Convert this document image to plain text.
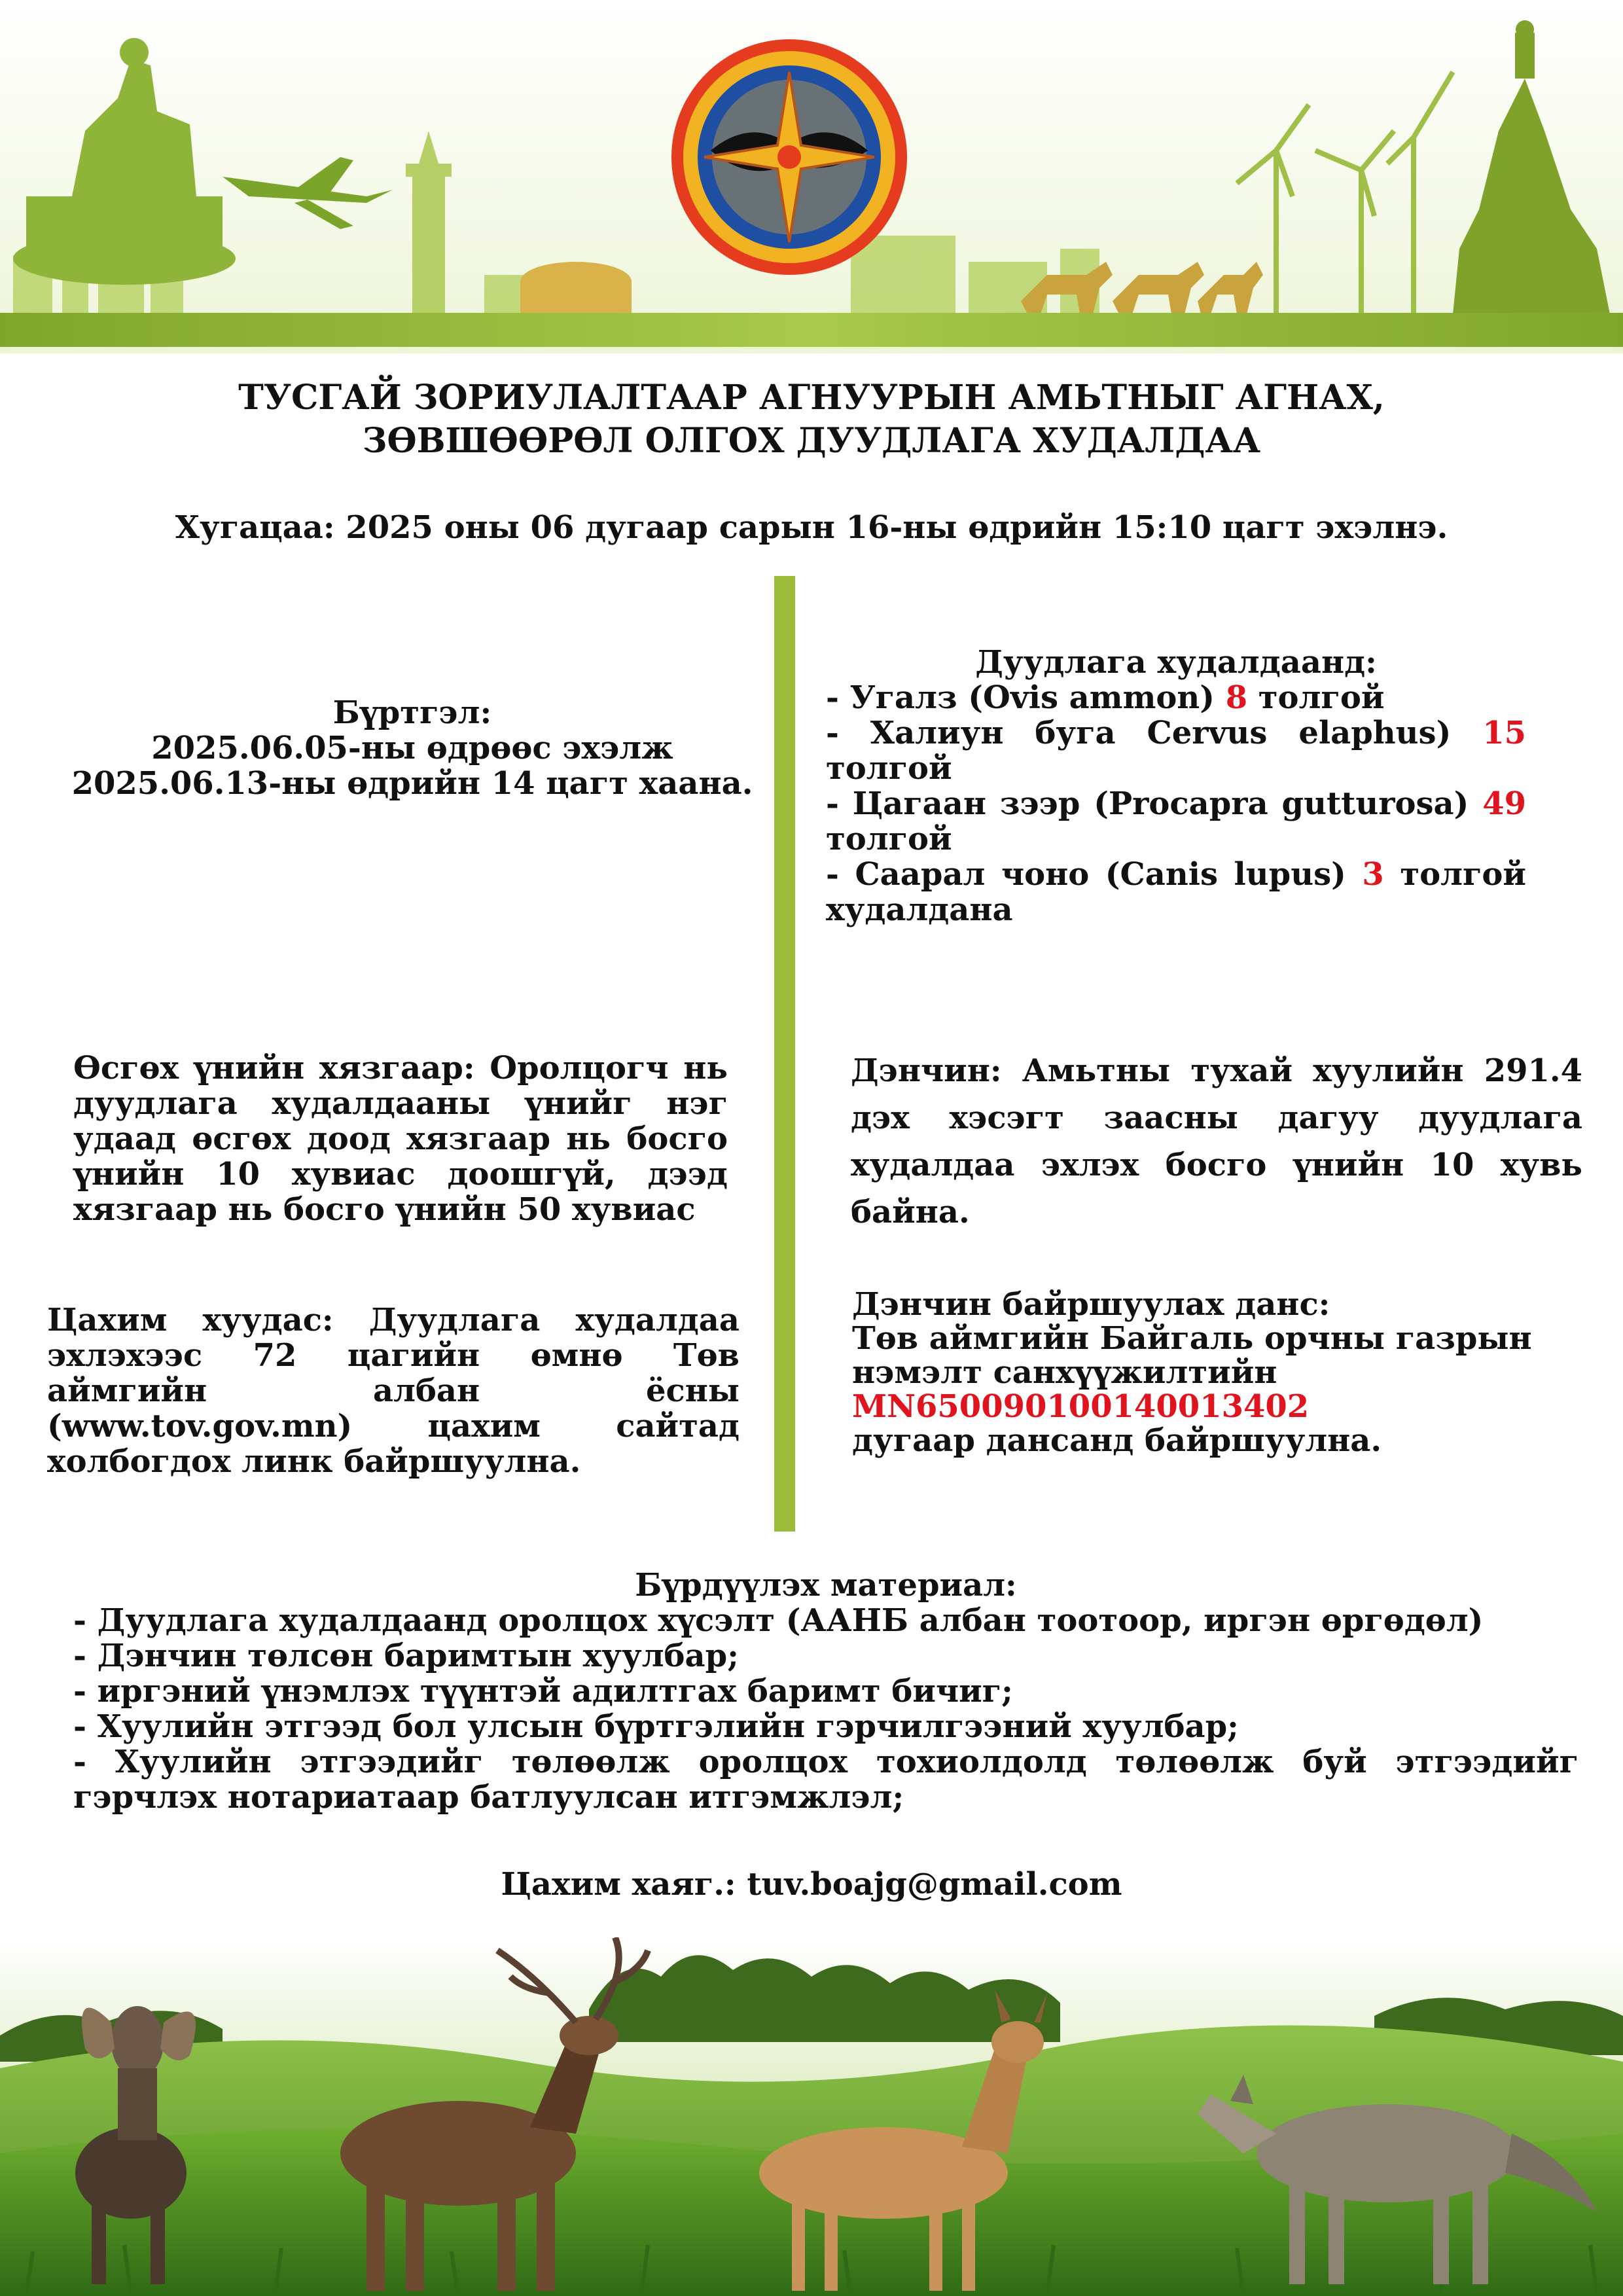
ТУСГАЙ ЗОРИУЛАЛТААР АГНУУРЫН АМЬТНЫГ АГНАХ,
ЗӨВШӨӨРӨЛ ОЛГОХ ДУУДЛАГА ХУДАЛДАА
Хугацаа: 2025 оны 06 дугаар сарын 16-ны өдрийн 15:10 цагт эхэлнэ.
Бүртгэл:
2025.06.05-ны өдрөөс эхэлж
2025.06.13-ны өдрийн 14 цагт хаана.
Дуудлага худалдаанд:
- Угалз (Ovis ammon) 8 толгой
- Халиун буга Cervus elaphus) 15 толгой
- Цагаан зээр (Procapra gutturosa) 49 толгой
- Саарал чоно (Canis lupus) 3 толгой худалдана
Өсгөх үнийн хязгаар: Оролцогч нь дуудлага худалдааны үнийг нэг удаад өсгөх доод хязгаар нь босго үнийн 10 хувиас доошгүй, дээд хязгаар нь босго үнийн 50 хувиас
Дэнчин: Амьтны тухай хуулийн 291.4 дэх хэсэгт заасны дагуу дуудлага худалдаа эхлэх босго үнийн 10 хувь байна.
Цахим хуудас: Дуудлага худалдаа эхлэхээс 72 цагийн өмнө Төв аймгийн албан ёсны (www.tov.gov.mn) цахим сайтад холбогдох линк байршуулна.
Дэнчин байршуулах данс:
Төв аймгийн Байгаль орчны газрын
нэмэлт санхүүжилтийн
MN650090100140013402
дугаар дансанд байршуулна.
Бүрдүүлэх материал:
- Дуудлага худалдаанд оролцох хүсэлт (ААНБ албан тоотоор, иргэн өргөдөл)
- Дэнчин төлсөн баримтын хуулбар;
- иргэний үнэмлэх түүнтэй адилтгах баримт бичиг;
- Хуулийн этгээд бол улсын бүртгэлийн гэрчилгээний хуулбар;
- Хуулийн этгээдийг төлөөлж оролцох тохиолдолд төлөөлж буй этгээдийг гэрчлэх нотариатаар батлуулсан итгэмжлэл;
Цахим хаяг.: tuv.boajg@gmail.com
